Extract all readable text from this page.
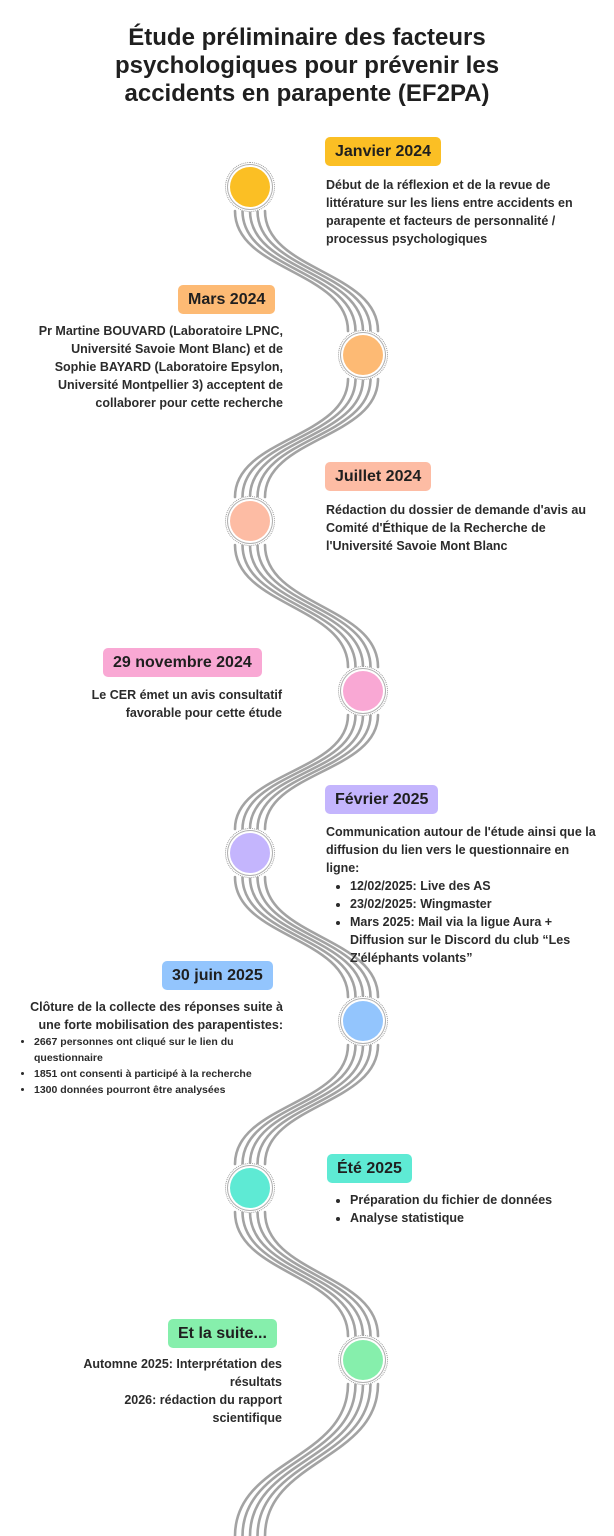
Étude préliminaire des facteurs
psychologiques pour prévenir les
accidents en parapente (EF2PA)
Janvier 2024

Début de la réflexion et de la revue de littérature sur les liens entre accidents en parapente et facteurs de personnalité / processus psychologiques

Mars 2024

Pr Martine BOUVARD (Laboratoire LPNC, Université Savoie Mont Blanc) et de Sophie BAYARD (Laboratoire Epsylon, Université Montpellier 3) acceptent de collaborer pour cette recherche

Juillet 2024

Rédaction du dossier de demande d'avis au Comité d'Éthique de la Recherche de l'Université Savoie Mont Blanc

29 novembre 2024

Le CER émet un avis consultatif favorable pour cette étude

Février 2025

Communication autour de l'étude ainsi que la diffusion du lien vers le questionnaire en ligne:

• 12/02/2025: Live des AS
• 23/02/2025: Wingmaster
• Mars 2025: Mail via la ligue Aura + Diffusion sur le Discord du club “Les Z'éléphants volants”
30 juin 2025

Clôture de la collecte des réponses suite à une forte mobilisation des parapentistes:

• 2667 personnes ont cliqué sur le lien du questionnaire
• 1851 ont consenti à participé à la recherche
• 1300 données pourront être analysées
Été 2025
• Préparation du fichier de données
• Analyse statistique
Et la suite...
Automne 2025: Interprétation des résultats
2026: rédaction du rapport scientifique
